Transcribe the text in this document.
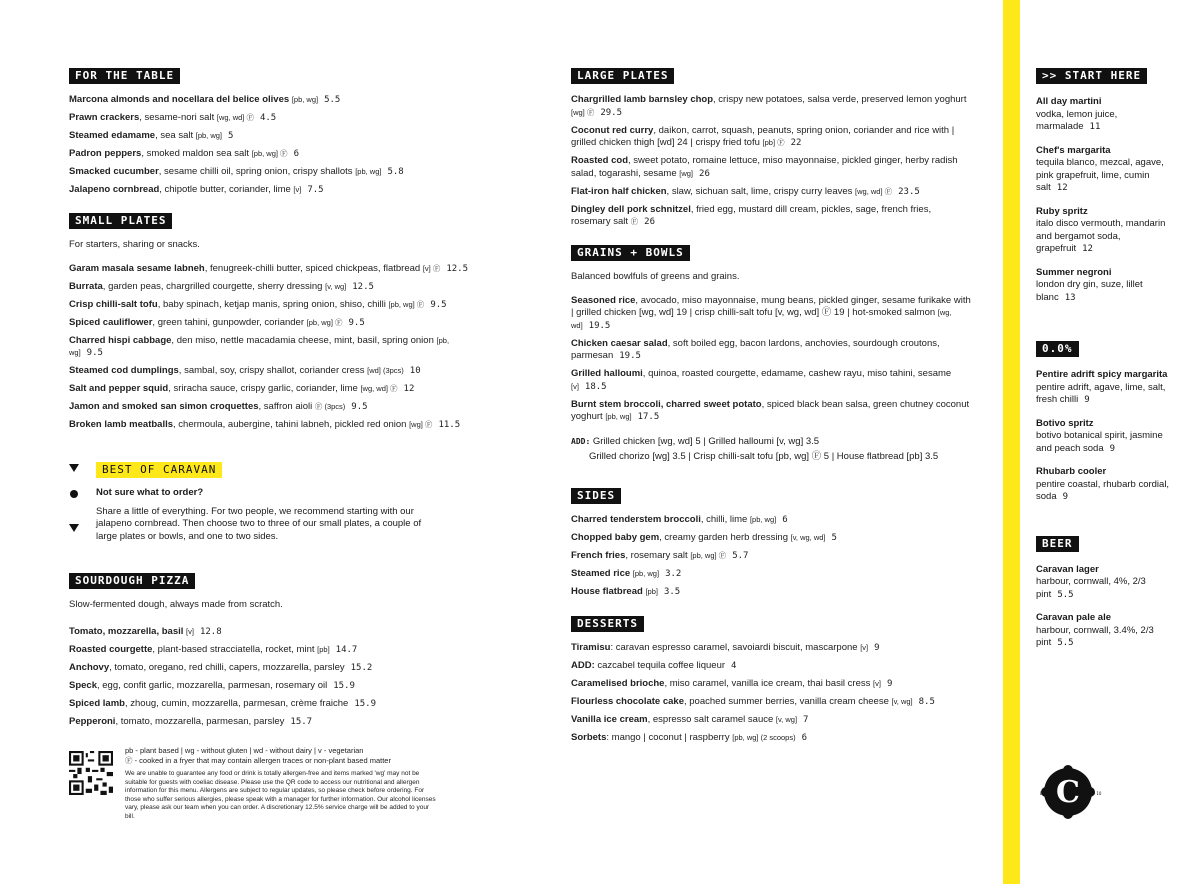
FOR THE TABLE
Marcona almonds and nocellara del belice olives [pb, wg] 5.5
Prawn crackers, sesame-nori salt [wg, wd] Ⓕ 4.5
Steamed edamame, sea salt [pb, wg] 5
Padron peppers, smoked maldon sea salt [pb, wg] Ⓕ 6
Smacked cucumber, sesame chilli oil, spring onion, crispy shallots [pb, wg] 5.8
Jalapeno cornbread, chipotle butter, coriander, lime [v] 7.5
SMALL PLATES
For starters, sharing or snacks.
Garam masala sesame labneh, fenugreek-chilli butter, spiced chickpeas, flatbread [v] Ⓕ 12.5
Burrata, garden peas, chargrilled courgette, sherry dressing [v, wg] 12.5
Crisp chilli-salt tofu, baby spinach, ketjap manis, spring onion, shiso, chilli [pb, wg] Ⓕ 9.5
Spiced cauliflower, green tahini, gunpowder, coriander [pb, wg] Ⓕ 9.5
Charred hispi cabbage, den miso, nettle macadamia cheese, mint, basil, spring onion [pb, wg] 9.5
Steamed cod dumplings, sambal, soy, crispy shallot, coriander cress [wd] (3pcs) 10
Salt and pepper squid, sriracha sauce, crispy garlic, coriander, lime [wg, wd] Ⓕ 12
Jamon and smoked san simon croquettes, saffron aioli Ⓕ (3pcs) 9.5
Broken lamb meatballs, chermoula, aubergine, tahini labneh, pickled red onion [wg] Ⓕ 11.5
BEST OF CARAVAN
Not sure what to order?
Share a little of everything. For two people, we recommend starting with our jalapeno cornbread. Then choose two to three of our small plates, a couple of large plates or bowls, and one to two sides.
SOURDOUGH PIZZA
Slow-fermented dough, always made from scratch.
Tomato, mozzarella, basil [v] 12.8
Roasted courgette, plant-based stracciatella, rocket, mint [pb] 14.7
Anchovy, tomato, oregano, red chilli, capers, mozzarella, parsley 15.2
Speck, egg, confit garlic, mozzarella, parmesan, rosemary oil 15.9
Spiced lamb, zhoug, cumin, mozzarella, parmesan, crème fraiche 15.9
Pepperoni, tomato, mozzarella, parmesan, parsley 15.7
pb - plant based | wg - without gluten | wd - without dairy | v - vegetarian
Ⓕ - cooked in a fryer that may contain allergen traces or non-plant based matter
We are unable to guarantee any food or drink is totally allergen-free and items marked 'wg' may not be suitable for guests with coeliac disease. Please use the QR code to access our nutritional and allergen information for this menu. Allergens are subject to regular updates, so please check before ordering. For those who suffer serious allergies, please speak with a manager for further information. Our alcohol licenses vary, please ask our team when you can order. A discretionary 12.5% service charge will be added to your bill.
LARGE PLATES
Chargrilled lamb barnsley chop, crispy new potatoes, salsa verde, preserved lemon yoghurt [wg] Ⓕ 29.5
Coconut red curry, daikon, carrot, squash, peanuts, spring onion, coriander and rice with | grilled chicken thigh [wd] 24 | crispy fried tofu [pb] Ⓕ 22
Roasted cod, sweet potato, romaine lettuce, miso mayonnaise, pickled ginger, herby radish salad, togarashi, sesame [wg] 26
Flat-iron half chicken, slaw, sichuan salt, lime, crispy curry leaves [wg, wd] Ⓕ 23.5
Dingley dell pork schnitzel, fried egg, mustard dill cream, pickles, sage, french fries, rosemary salt Ⓕ 26
GRAINS + BOWLS
Balanced bowlfuls of greens and grains.
Seasoned rice, avocado, miso mayonnaise, mung beans, pickled ginger, sesame furikake with | grilled chicken [wg, wd] 19 | crisp chilli-salt tofu [v, wg, wd] Ⓕ 19 | hot-smoked salmon [wg, wd] 19.5
Chicken caesar salad, soft boiled egg, bacon lardons, anchovies, sourdough croutons, parmesan 19.5
Grilled halloumi, quinoa, roasted courgette, edamame, cashew rayu, miso tahini, sesame [v] 18.5
Burnt stem broccoli, charred sweet potato, spiced black bean salsa, green chutney coconut yoghurt [pb, wg] 17.5
ADD: Grilled chicken [wg, wd] 5 | Grilled halloumi [v, wg] 3.5
Grilled chorizo [wg] 3.5 | Crisp chilli-salt tofu [pb, wg] Ⓕ 5 | House flatbread [pb] 3.5
SIDES
Charred tenderstem broccoli, chilli, lime [pb, wg] 6
Chopped baby gem, creamy garden herb dressing [v, wg, wd] 5
French fries, rosemary salt [pb, wg] Ⓕ 5.7
Steamed rice [pb, wg] 3.2
House flatbread [pb] 3.5
DESSERTS
Tiramisu: caravan espresso caramel, savoiardi biscuit, mascarpone [v] 9
ADD: cazcabel tequila coffee liqueur 4
Caramelised brioche, miso caramel, vanilla ice cream, thai basil cress [v] 9
Flourless chocolate cake, poached summer berries, vanilla cream cheese [v, wg] 8.5
Vanilla ice cream, espresso salt caramel sauce [v, wg] 7
Sorbets: mango | coconut | raspberry [pb, wg] (2 scoops) 6
>> START HERE
All day martini
vodka, lemon juice, marmalade 11
Chef's margarita
tequila blanco, mezcal, agave, pink grapefruit, lime, cumin salt 12
Ruby spritz
italo disco vermouth, mandarin and bergamot soda, grapefruit 12
Summer negroni
london dry gin, suze, lillet blanc 13
0.0%
Pentire adrift spicy margarita
pentire adrift, agave, lime, salt, fresh chilli 9
Botivo spritz
botivo botanical spirit, jasmine and peach soda 9
Rhubarb cooler
pentire coastal, rhubarb cordial, soda 9
BEER
Caravan lager
harbour, cornwall, 4%, 2/3 pint 5.5
Caravan pale ale
harbour, cornwall, 3.4%, 2/3 pint 5.5
C
EST	20 10
